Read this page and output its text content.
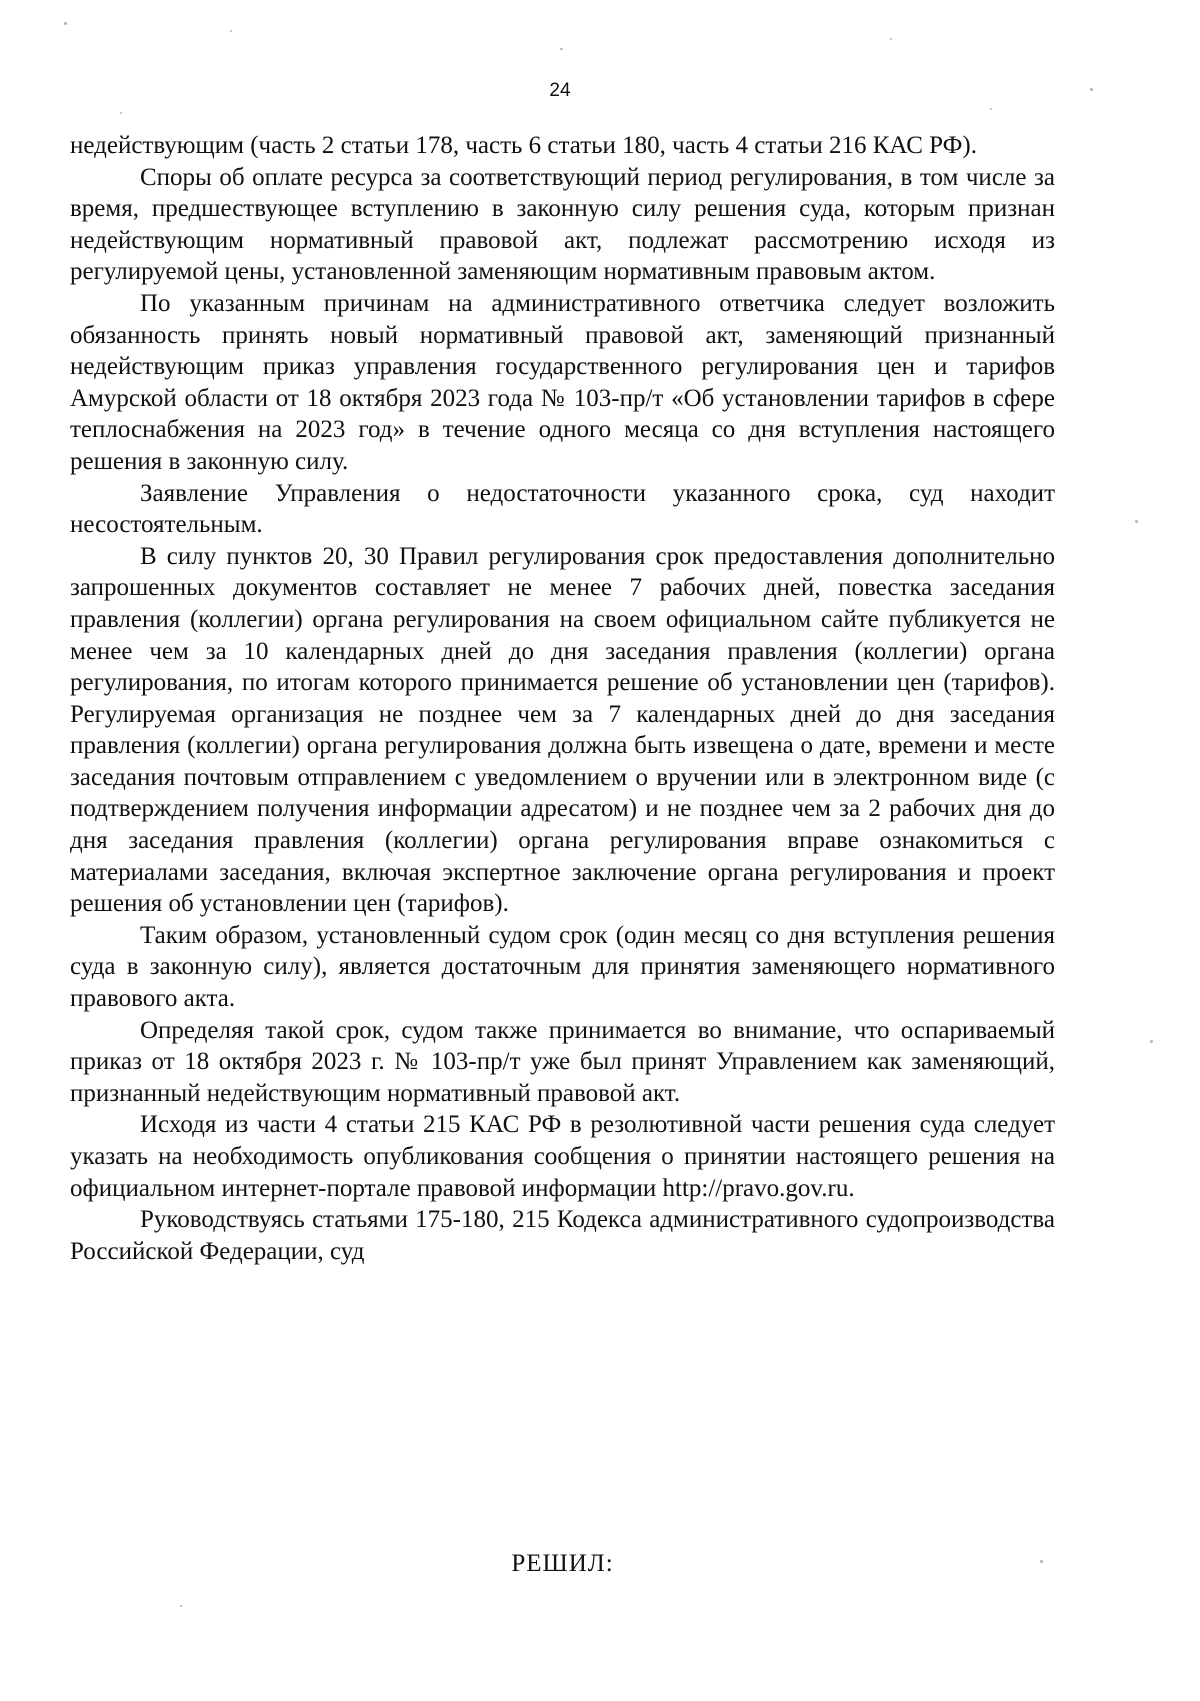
24

недействующим (часть 2 статьи 178, часть 6 статьи 180, часть 4 статьи 216 КАС РФ).

Споры об оплате ресурса за соответствующий период регулирования, в том числе за время, предшествующее вступлению в законную силу решения суда, которым признан недействующим нормативный правовой акт, подлежат рассмотрению исходя из регулируемой цены, установленной заменяющим нормативным правовым актом.

По указанным причинам на административного ответчика следует возложить обязанность принять новый нормативный правовой акт, заменяющий признанный недействующим приказ управления государственного регулирования цен и тарифов Амурской области от 18 октября 2023 года № 103-пр/т «Об установлении тарифов в сфере теплоснабжения на 2023 год» в течение одного месяца со дня вступления настоящего решения в законную силу.

Заявление Управления о недостаточности указанного срока, суд находит несостоятельным.

В силу пунктов 20, 30 Правил регулирования срок предоставления дополнительно запрошенных документов составляет не менее 7 рабочих дней, повестка заседания правления (коллегии) органа регулирования на своем официальном сайте публикуется не менее чем за 10 календарных дней до дня заседания правления (коллегии) органа регулирования, по итогам которого принимается решение об установлении цен (тарифов). Регулируемая организация не позднее чем за 7 календарных дней до дня заседания правления (коллегии) органа регулирования должна быть извещена о дате, времени и месте заседания почтовым отправлением с уведомлением о вручении или в электронном виде (с подтверждением получения информации адресатом) и не позднее чем за 2 рабочих дня до дня заседания правления (коллегии) органа регулирования вправе ознакомиться с материалами заседания, включая экспертное заключение органа регулирования и проект решения об установлении цен (тарифов).

Таким образом, установленный судом срок (один месяц со дня вступления решения суда в законную силу), является достаточным для принятия заменяющего нормативного правового акта.

Определяя такой срок, судом также принимается во внимание, что оспариваемый приказ от 18 октября 2023 г. № 103-пр/т уже был принят Управлением как заменяющий, признанный недействующим нормативный правовой акт.

Исходя из части 4 статьи 215 КАС РФ в резолютивной части решения суда следует указать на необходимость опубликования сообщения о принятии настоящего решения на официальном интернет-портале правовой информации http://pravo.gov.ru.

Руководствуясь статьями 175-180, 215 Кодекса административного судопроизводства Российской Федерации, суд

РЕШИЛ:
